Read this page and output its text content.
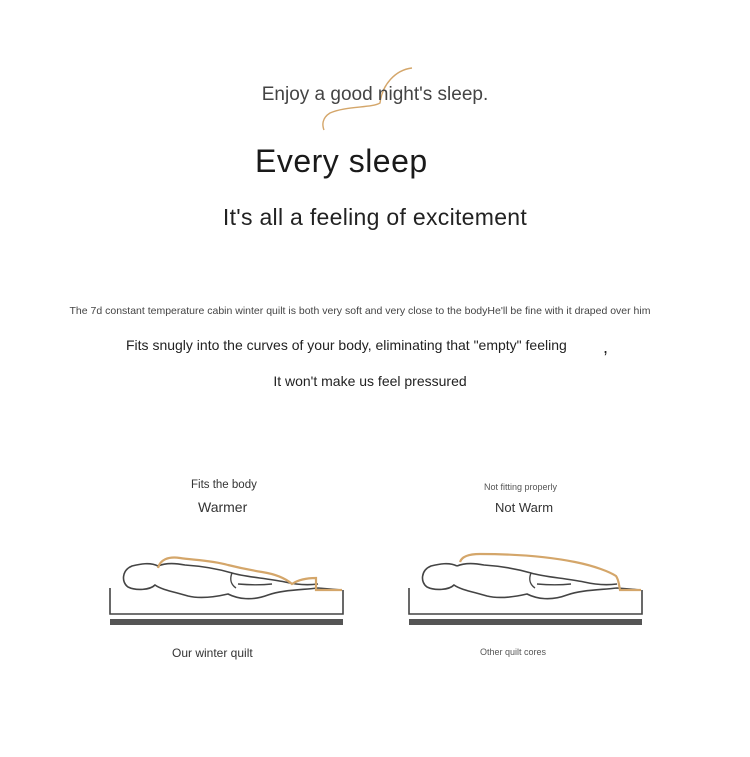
Enjoy a good night's sleep.
Every sleep
It's all a feeling of excitement
The 7d constant temperature cabin winter quilt is both very soft and very close to the bodyHe'll be fine with it draped over him
Fits snugly into the curves of your body, eliminating that "empty" feeling ,
It won't make us feel pressured
Fits the body
Warmer
Our winter quilt
Not fitting properly
Not Warm
Other quilt cores
